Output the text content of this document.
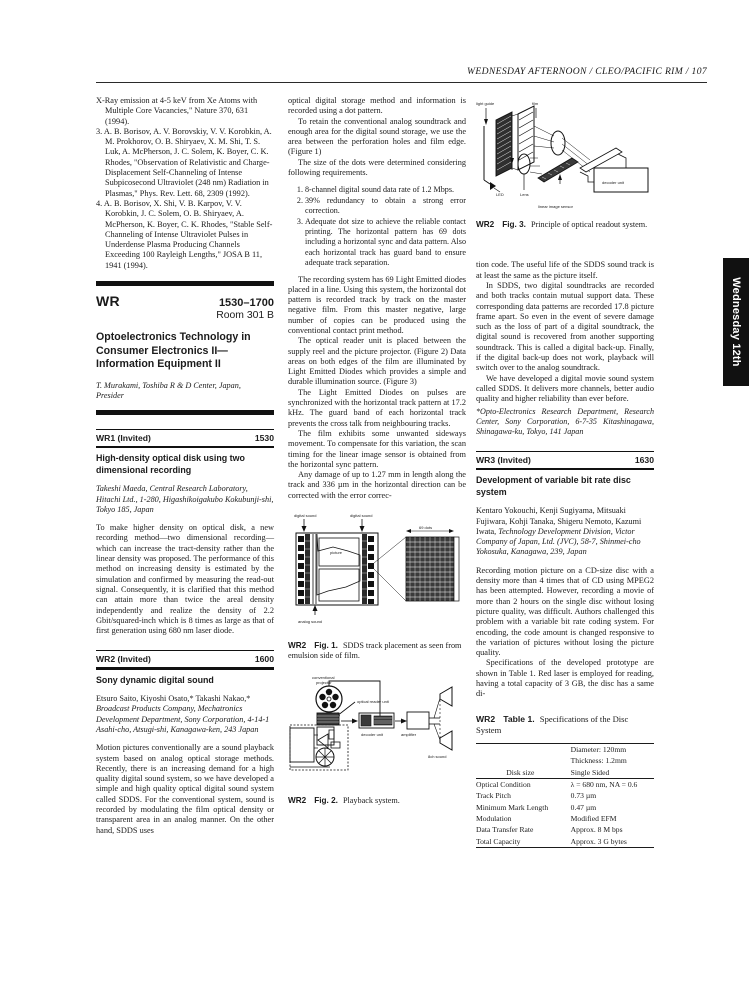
WEDNESDAY AFTERNOON / CLEO/PACIFIC RIM / 107
Wednesday 12th

X-Ray emission at 4-5 keV from Xe Atoms with Multiple Core Vacancies," Nature 370, 631 (1994).

3. A. B. Borisov, A. V. Borovskiy, V. V. Korobkin, A. M. Prokhorov, O. B. Shiryaev, X. M. Shi, T. S. Luk, A. McPherson, J. C. Solem, K. Boyer, C. K. Rhodes, "Observation of Relativistic and Charge-Displacement Self-Channeling of Intense Subpicosecond Ultraviolet (248 nm) Radiation in Plasmas," Phys. Rev. Lett. 68, 2309 (1992).

4. A. B. Borisov, X. Shi, V. B. Karpov, V. V. Korobkin, J. C. Solem, O. B. Shiryaev, A. McPherson, K. Boyer, C. K. Rhodes, "Stable Self-Channeling of Intense Ultraviolet Pulses in Underdense Plasma Producing Channels Exceeding 100 Rayleigh Lengths," JOSA B 11, 1941 (1994).

WR	1530–1700
Room 301 B
Optoelectronics Technology in Consumer Electronics II—Information Equipment II
T. Murakami, Toshiba R & D Center, Japan,
Presider
WR1 (Invited)	1530
High-density optical disk using two dimensional recording
Takeshi Maeda, Central Research Laboratory, Hitachi Ltd., 1-280, Higashikoigakubo Kokubunji-shi, Tokyo 185, Japan

To make higher density on optical disk, a new recording method—two dimensional recording—which can increase the tract-density rather than the linear density was proposed. The performance of this method on increasing density is estimated by the simulation and confirmed by measuring the read-out signal. Consequently, it is clarified that this method can attain more than twice the areal density independently and realize the density of 2.2 Gbit/squared-inch which is 8 times as large as that of first generation using 680 nm laser diode.

WR2 (Invited)	1600
Sony dynamic digital sound
Etsuro Saito, Kiyoshi Osato,* Takashi Nakao,* Broadcast Products Company, Mechatronics Development Department, Sony Corporation, 4-14-1 Asahi-cho, Atsugi-shi, Kanagawa-ken, 243 Japan

Motion pictures conventionally are a sound playback system based on analog optical storage methods. Recently, there is an increasing demand for a high quality digital sound system, so we have developed a simple and high quality optical digital sound system called SDDS. For the conventional system, sound is recorded by modulating the film optical density or transparent area in an analog manner. On the other hand, SDDS uses

optical digital storage method and information is recorded using a dot pattern.

To retain the conventional analog soundtrack and enough area for the digital sound storage, we use the area between the perforation holes and film edge. (Figure 1)

The size of the dots were determined considering following requirements.

1. 8-channel digital sound data rate of 1.2 Mbps.
2. 39% redundancy to obtain a strong error correction.
3. Adequate dot size to achieve the reliable contact printing. The horizontal pattern has 69 dots including a horizontal sync and data pattern. Also each horizontal track has guard band to ensure adequate track separation.

The recording system has 69 Light Emitted diodes placed in a line. Using this system, the horizontal dot pattern is recorded track by track on the master negative film. From this master negative, large number of copies can be produced using the conventional contact print method.

The optical reader unit is placed between the supply reel and the picture projector. (Figure 2) Data areas on both edges of the film are illuminated by Light Emitted Diodes which provides a simple and durable illumination source. (Figure 3)

The Light Emitted Diodes on pulses are synchronized with the horizontal track pattern at 17.2 kHz. The guard band of each horizontal track prevents the cross talk from neighbouring tracks.

The film exhibits some unwanted sideways movement. To compensate for this variation, the scan timing for the linear image sensor is obtained from the horizontal sync pattern.

Any damage of up to 1.27 mm in length along the track and 336 µm in the horizontal direction can be corrected with the error correc-

digital sound	digital sound
picture
analog sound
69 dots
WR2 Fig. 1. SDDS track placement as seen from emulsion side of film.
conventional
projector
optical reader unit
decoder unit	amplifier
8ch sound
WR2 Fig. 2. Playback system.
light guide	film
LED	Lens
linear image sensor
decoder unit
WR2 Fig. 3. Principle of optical readout system.

tion code. The useful life of the SDDS sound track is at least the same as the picture itself.

In SDDS, two digital soundtracks are recorded and both tracks contain mutual support data. These corresponding data patterns are recorded 17.8 picture frame apart. So even in the event of severe damage such as the loss of part of a digital soundtrack, the digital sound is recovered from another supporting soundtrack. This is called a digital back-up. Finally, if the digital back-up does not work, playback will switch over to the analog soundtrack.

We have developed a digital movie sound system called SDDS. It delivers more channels, better audio quality and higher reliability than ever before.

*Opto-Electronics Research Department, Research Center, Sony Corporation, 6-7-35 Kitashinagawa, Shinagawa-ku, Tokyo, 141 Japan

WR3 (Invited)	1630
Development of variable bit rate disc system
Kentaro Yokouchi, Kenji Sugiyama, Mitsuaki Fujiwara, Kohji Tanaka, Shigeru Nemoto, Kazumi Iwata, Technology Development Division, Victor Company of Japan, Ltd. (JVC), 58-7, Shinmei-cho Yokosuka, Kanagawa, 239, Japan

Recording motion picture on a CD-size disc with a density more than 4 times that of CD using MPEG2 has been attempted. However, recording a movie of more than 2 hours on the single disc without losing picture quality, was difficult. Authors challenged this problem with a variable bit rate coding system. For encoding, the code amount is changed responsive to the variation of pictures without losing the picture quality.

Specifications of the developed prototype are shown in Table 1. Red laser is employed for reading, having a total capacity of 3 GB, the disc has a same di-

WR2 Table 1. Specifications of the Disc System
	Diameter: 120mm
	Thickness: 1.2mm
Disk size	Single Sided
Optical Condition	λ = 680 nm, NA = 0.6
Track Pitch	0.73 µm
Minimum Mark Length	0.47 µm
Modulation	Modified EFM
Data Transfer Rate	Approx. 8 M bps
Total Capacity	Approx. 3 G bytes
